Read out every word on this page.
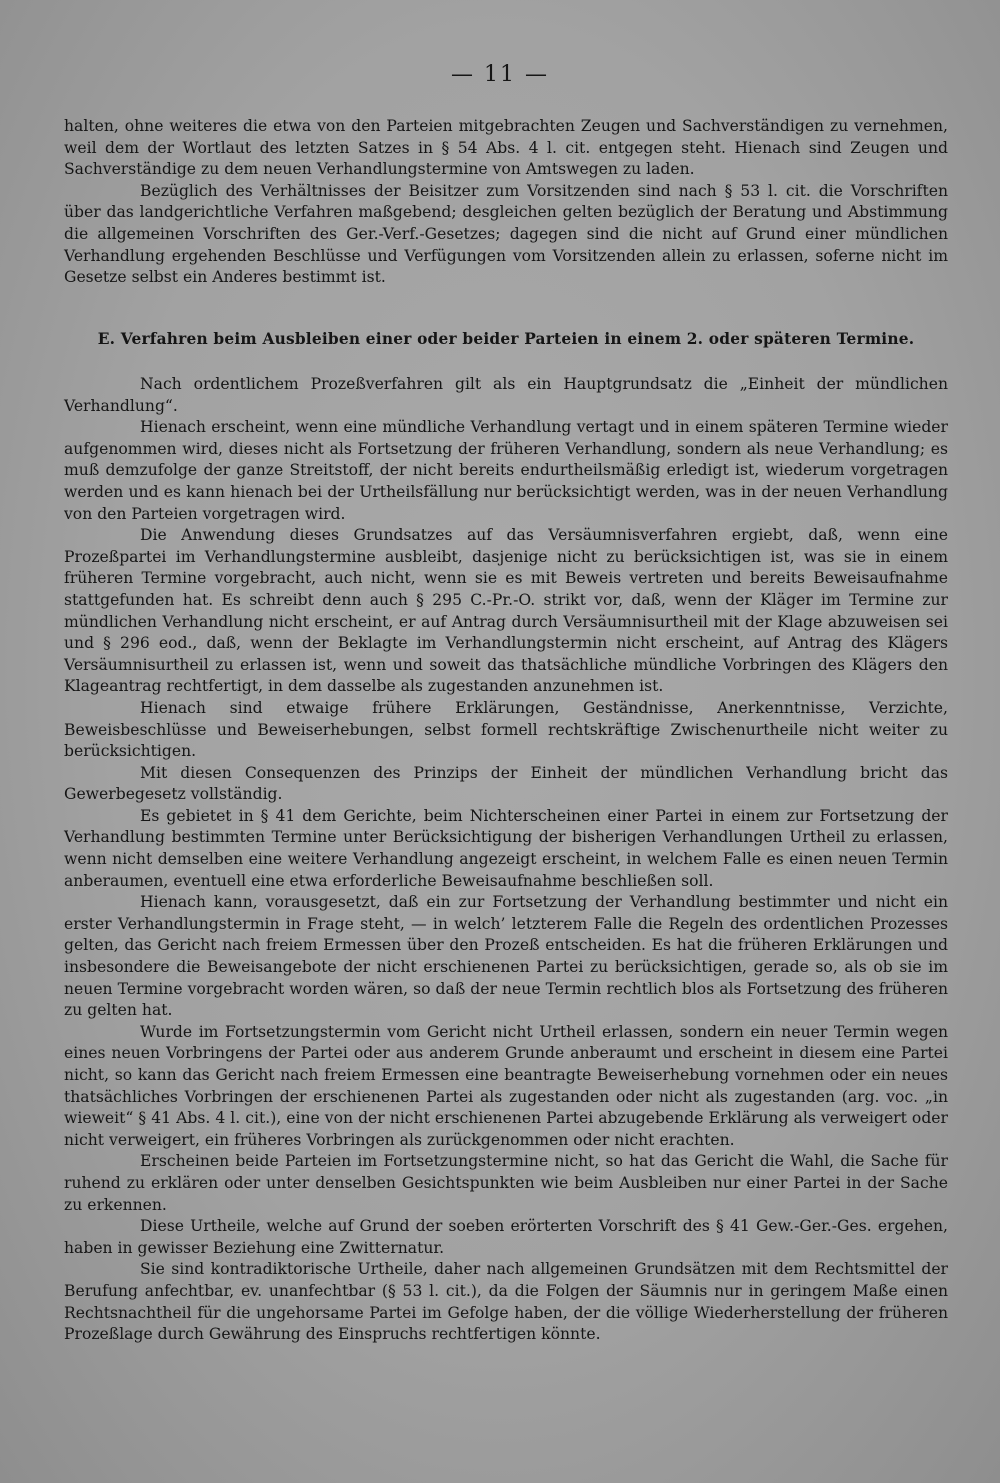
— 11 —

halten, ohne weiteres die etwa von den Parteien mitgebrachten Zeugen und Sachverständigen zu vernehmen, weil dem der Wortlaut des letzten Satzes in § 54 Abs. 4 l. cit. entgegen steht. Hienach sind Zeugen und Sachverständige zu dem neuen Verhandlungstermine von Amtswegen zu laden.

Bezüglich des Verhältnisses der Beisitzer zum Vorsitzenden sind nach § 53 l. cit. die Vorschriften über das landgerichtliche Verfahren maßgebend; desgleichen gelten bezüglich der Beratung und Abstimmung die allgemeinen Vorschriften des Ger.-Verf.-Gesetzes; dagegen sind die nicht auf Grund einer mündlichen Verhandlung ergehenden Beschlüsse und Verfügungen vom Vorsitzenden allein zu erlassen, soferne nicht im Gesetze selbst ein Anderes bestimmt ist.

E. Verfahren beim Ausbleiben einer oder beider Parteien in einem 2. oder späteren Termine.

Nach ordentlichem Prozeßverfahren gilt als ein Hauptgrundsatz die „Einheit der mündlichen Verhandlung“.

Hienach erscheint, wenn eine mündliche Verhandlung vertagt und in einem späteren Termine wieder aufgenommen wird, dieses nicht als Fortsetzung der früheren Verhandlung, sondern als neue Verhandlung; es muß demzufolge der ganze Streitstoff, der nicht bereits endurtheilsmäßig erledigt ist, wiederum vorgetragen werden und es kann hienach bei der Urtheilsfällung nur berücksichtigt werden, was in der neuen Verhandlung von den Parteien vorgetragen wird.

Die Anwendung dieses Grundsatzes auf das Versäumnisverfahren ergiebt, daß, wenn eine Prozeßpartei im Verhandlungstermine ausbleibt, dasjenige nicht zu berücksichtigen ist, was sie in einem früheren Termine vorgebracht, auch nicht, wenn sie es mit Beweis vertreten und bereits Beweisaufnahme stattgefunden hat. Es schreibt denn auch § 295 C.-Pr.-O. strikt vor, daß, wenn der Kläger im Termine zur mündlichen Verhandlung nicht erscheint, er auf Antrag durch Versäumnisurtheil mit der Klage abzuweisen sei und § 296 eod., daß, wenn der Beklagte im Verhandlungstermin nicht erscheint, auf Antrag des Klägers Versäumnisurtheil zu erlassen ist, wenn und soweit das thatsächliche mündliche Vorbringen des Klägers den Klageantrag rechtfertigt, in dem dasselbe als zugestanden anzunehmen ist.

Hienach sind etwaige frühere Erklärungen, Geständnisse, Anerkenntnisse, Verzichte, Beweisbeschlüsse und Beweiserhebungen, selbst formell rechtskräftige Zwischenurtheile nicht weiter zu berücksichtigen.

Mit diesen Consequenzen des Prinzips der Einheit der mündlichen Verhandlung bricht das Gewerbegesetz vollständig.

Es gebietet in § 41 dem Gerichte, beim Nichterscheinen einer Partei in einem zur Fortsetzung der Verhandlung bestimmten Termine unter Berücksichtigung der bisherigen Verhandlungen Urtheil zu erlassen, wenn nicht demselben eine weitere Verhandlung angezeigt erscheint, in welchem Falle es einen neuen Termin anberaumen, eventuell eine etwa erforderliche Beweisaufnahme beschließen soll.

Hienach kann, vorausgesetzt, daß ein zur Fortsetzung der Verhandlung bestimmter und nicht ein erster Verhandlungstermin in Frage steht, — in welch’ letzterem Falle die Regeln des ordentlichen Prozesses gelten, das Gericht nach freiem Ermessen über den Prozeß entscheiden. Es hat die früheren Erklärungen und insbesondere die Beweisangebote der nicht erschienenen Partei zu berücksichtigen, gerade so, als ob sie im neuen Termine vorgebracht worden wären, so daß der neue Termin rechtlich blos als Fortsetzung des früheren zu gelten hat.

Wurde im Fortsetzungstermin vom Gericht nicht Urtheil erlassen, sondern ein neuer Termin wegen eines neuen Vorbringens der Partei oder aus anderem Grunde anberaumt und erscheint in diesem eine Partei nicht, so kann das Gericht nach freiem Ermessen eine beantragte Beweiserhebung vornehmen oder ein neues thatsächliches Vorbringen der erschienenen Partei als zugestanden oder nicht als zugestanden (arg. voc. „in wieweit“ § 41 Abs. 4 l. cit.), eine von der nicht erschienenen Partei abzugebende Erklärung als verweigert oder nicht verweigert, ein früheres Vorbringen als zurückgenommen oder nicht erachten.

Erscheinen beide Parteien im Fortsetzungstermine nicht, so hat das Gericht die Wahl, die Sache für ruhend zu erklären oder unter denselben Gesichtspunkten wie beim Ausbleiben nur einer Partei in der Sache zu erkennen.

Diese Urtheile, welche auf Grund der soeben erörterten Vorschrift des § 41 Gew.-Ger.-Ges. ergehen, haben in gewisser Beziehung eine Zwitternatur.

Sie sind kontradiktorische Urtheile, daher nach allgemeinen Grundsätzen mit dem Rechtsmittel der Berufung anfechtbar, ev. unanfechtbar (§ 53 l. cit.), da die Folgen der Säumnis nur in geringem Maße einen Rechtsnachtheil für die ungehorsame Partei im Gefolge haben, der die völlige Wiederherstellung der früheren Prozeßlage durch Gewährung des Einspruchs rechtfertigen könnte.
